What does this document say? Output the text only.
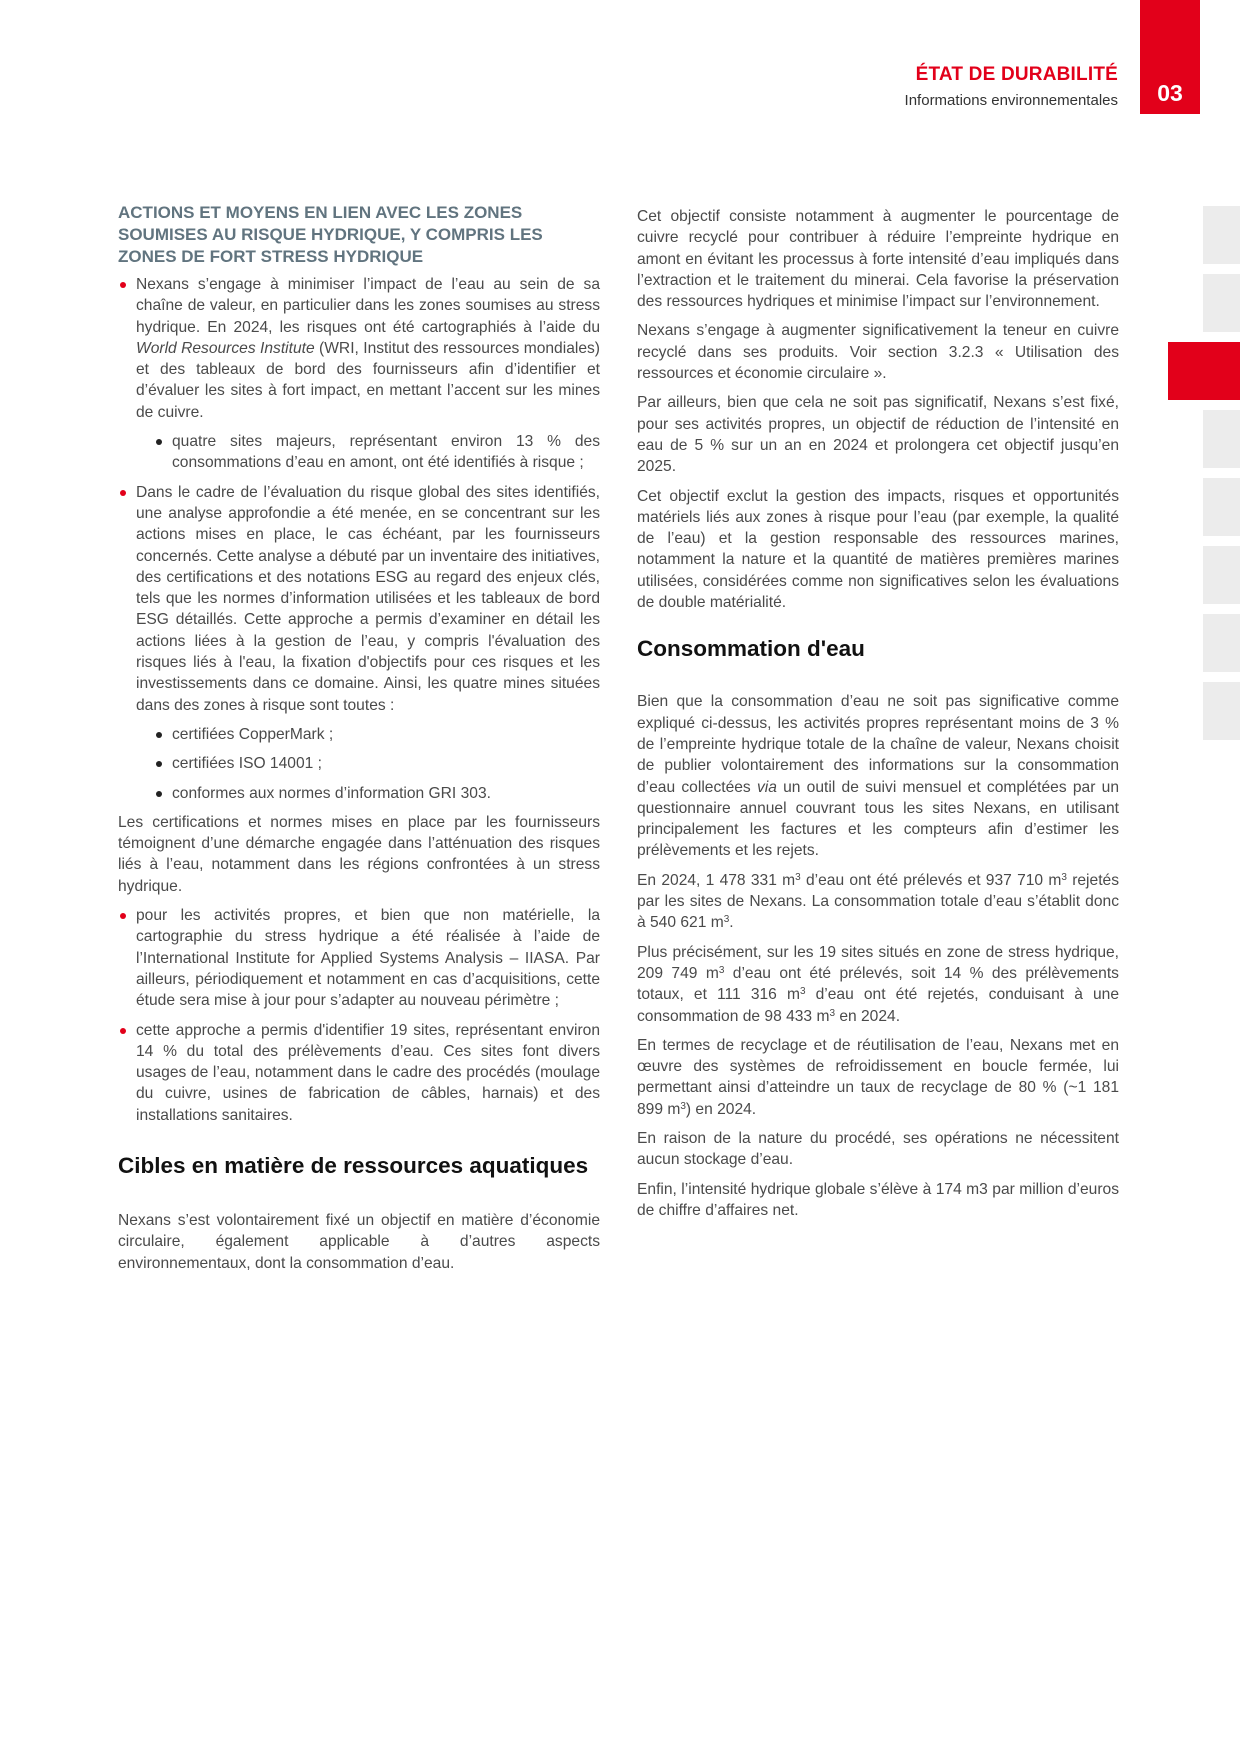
ÉTAT DE DURABILITÉ
Informations environnementales	03
ACTIONS ET MOYENS EN LIEN AVEC LES ZONES SOUMISES AU RISQUE HYDRIQUE, Y COMPRIS LES ZONES DE FORT STRESS HYDRIQUE
Nexans s’engage à minimiser l’impact de l’eau au sein de sa chaîne de valeur, en particulier dans les zones soumises au stress hydrique. En 2024, les risques ont été cartographiés à l’aide du World Resources Institute (WRI, Institut des ressources mondiales) et des tableaux de bord des fournisseurs afin d’identifier et d’évaluer les sites à fort impact, en mettant l’accent sur les mines de cuivre.
quatre sites majeurs, représentant environ 13 % des consommations d’eau en amont, ont été identifiés à risque ;
Dans le cadre de l’évaluation du risque global des sites identifiés, une analyse approfondie a été menée, en se concentrant sur les actions mises en place, le cas échéant, par les fournisseurs concernés. Cette analyse a débuté par un inventaire des initiatives, des certifications et des notations ESG au regard des enjeux clés, tels que les normes d’information utilisées et les tableaux de bord ESG détaillés. Cette approche a permis d’examiner en détail les actions liées à la gestion de l’eau, y compris l'évaluation des risques liés à l'eau, la fixation d'objectifs pour ces risques et les investissements dans ce domaine. Ainsi, les quatre mines situées dans des zones à risque sont toutes :
certifiées CopperMark ;
certifiées ISO 14001 ;
conformes aux normes d’information GRI 303.

Les certifications et normes mises en place par les fournisseurs témoignent d’une démarche engagée dans l’atténuation des risques liés à l’eau, notamment dans les régions confrontées à un stress hydrique.

pour les activités propres, et bien que non matérielle, la cartographie du stress hydrique a été réalisée à l’aide de l’International Institute for Applied Systems Analysis – IIASA. Par ailleurs, périodiquement et notamment en cas d’acquisitions, cette étude sera mise à jour pour s’adapter au nouveau périmètre ;
cette approche a permis d'identifier 19 sites, représentant environ 14 % du total des prélèvements d’eau. Ces sites font divers usages de l’eau, notamment dans le cadre des procédés (moulage du cuivre, usines de fabrication de câbles, harnais) et des installations sanitaires.
Cibles en matière de ressources aquatiques

Nexans s’est volontairement fixé un objectif en matière d’économie circulaire, également applicable à d’autres aspects environnementaux, dont la consommation d’eau.

Cet objectif consiste notamment à augmenter le pourcentage de cuivre recyclé pour contribuer à réduire l’empreinte hydrique en amont en évitant les processus à forte intensité d’eau impliqués dans l’extraction et le traitement du minerai. Cela favorise la préservation des ressources hydriques et minimise l’impact sur l’environnement.

Nexans s’engage à augmenter significativement la teneur en cuivre recyclé dans ses produits. Voir section 3.2.3 « Utilisation des ressources et économie circulaire ».

Par ailleurs, bien que cela ne soit pas significatif, Nexans s’est fixé, pour ses activités propres, un objectif de réduction de l’intensité en eau de 5 % sur un an en 2024 et prolongera cet objectif jusqu’en 2025.

Cet objectif exclut la gestion des impacts, risques et opportunités matériels liés aux zones à risque pour l’eau (par exemple, la qualité de l’eau) et la gestion responsable des ressources marines, notamment la nature et la quantité de matières premières marines utilisées, considérées comme non significatives selon les évaluations de double matérialité.

Consommation d'eau

Bien que la consommation d’eau ne soit pas significative comme expliqué ci-dessus, les activités propres représentant moins de 3 % de l’empreinte hydrique totale de la chaîne de valeur, Nexans choisit de publier volontairement des informations sur la consommation d’eau collectées via un outil de suivi mensuel et complétées par un questionnaire annuel couvrant tous les sites Nexans, en utilisant principalement les factures et les compteurs afin d’estimer les prélèvements et les rejets.

En 2024, 1 478 331 $m^3$ d’eau ont été prélevés et 937 710 $m^3$ rejetés par les sites de Nexans. La consommation totale d’eau s’établit donc à 540 621 $m^3$.

Plus précisément, sur les 19 sites situés en zone de stress hydrique, 209 749 $m^3$ d’eau ont été prélevés, soit 14 % des prélèvements totaux, et 111 316 $m^3$ d’eau ont été rejetés, conduisant à une consommation de 98 433 $m^3$ en 2024.

En termes de recyclage et de réutilisation de l’eau, Nexans met en œuvre des systèmes de refroidissement en boucle fermée, lui permettant ainsi d’atteindre un taux de recyclage de 80 % (~1 181 899 $m^3$) en 2024.

En raison de la nature du procédé, ses opérations ne nécessitent aucun stockage d’eau.

Enfin, l’intensité hydrique globale s’élève à 174 m3 par million d’euros de chiffre d’affaires net.
